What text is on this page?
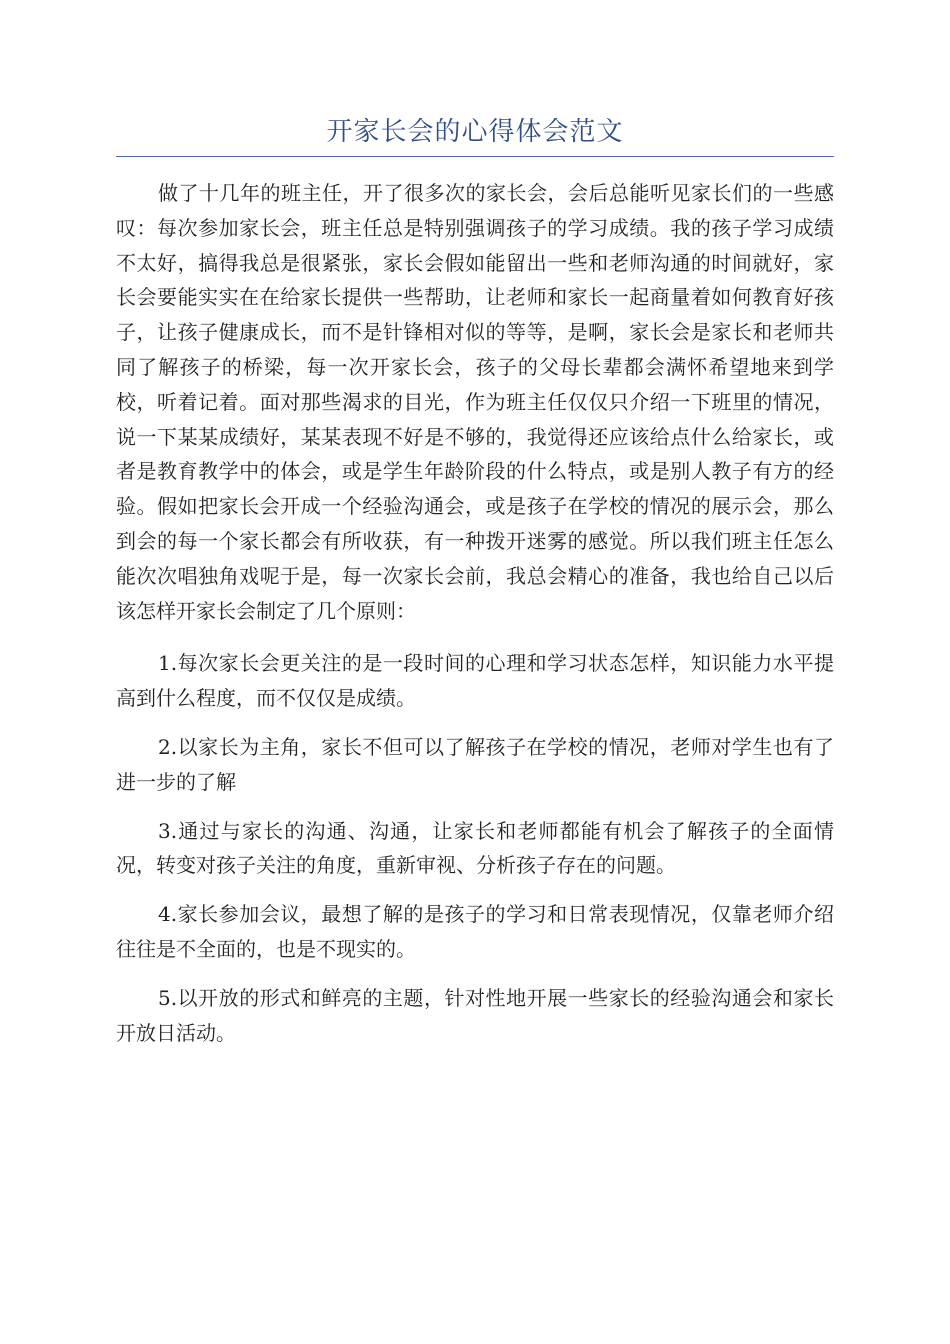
开家长会的心得体会范文

做了十几年的班主任，开了很多次的家长会，会后总能听见家长们的一些感叹：每次参加家长会，班主任总是特别强调孩子的学习成绩。我的孩子学习成绩不太好，搞得我总是很紧张，家长会假如能留出一些和老师沟通的时间就好，家长会要能实实在在给家长提供一些帮助，让老师和家长一起商量着如何教育好孩子，让孩子健康成长，而不是针锋相对似的等等，是啊，家长会是家长和老师共同了解孩子的桥梁，每一次开家长会，孩子的父母长辈都会满怀希望地来到学校，听着记着。面对那些渴求的目光，作为班主任仅仅只介绍一下班里的情况，说一下某某成绩好，某某表现不好是不够的，我觉得还应该给点什么给家长，或者是教育教学中的体会，或是学生年龄阶段的什么特点，或是别人教子有方的经验。假如把家长会开成一个经验沟通会，或是孩子在学校的情况的展示会，那么到会的每一个家长都会有所收获，有一种拨开迷雾的感觉。所以我们班主任怎么能次次唱独角戏呢于是，每一次家长会前，我总会精心的准备，我也给自己以后该怎样开家长会制定了几个原则：

1.每次家长会更关注的是一段时间的心理和学习状态怎样，知识能力水平提高到什么程度，而不仅仅是成绩。

2.以家长为主角，家长不但可以了解孩子在学校的情况，老师对学生也有了进一步的了解

3.通过与家长的沟通、沟通，让家长和老师都能有机会了解孩子的全面情况，转变对孩子关注的角度，重新审视、分析孩子存在的问题。

4.家长参加会议，最想了解的是孩子的学习和日常表现情况，仅靠老师介绍往往是不全面的，也是不现实的。

5.以开放的形式和鲜亮的主题，针对性地开展一些家长的经验沟通会和家长开放日活动。
